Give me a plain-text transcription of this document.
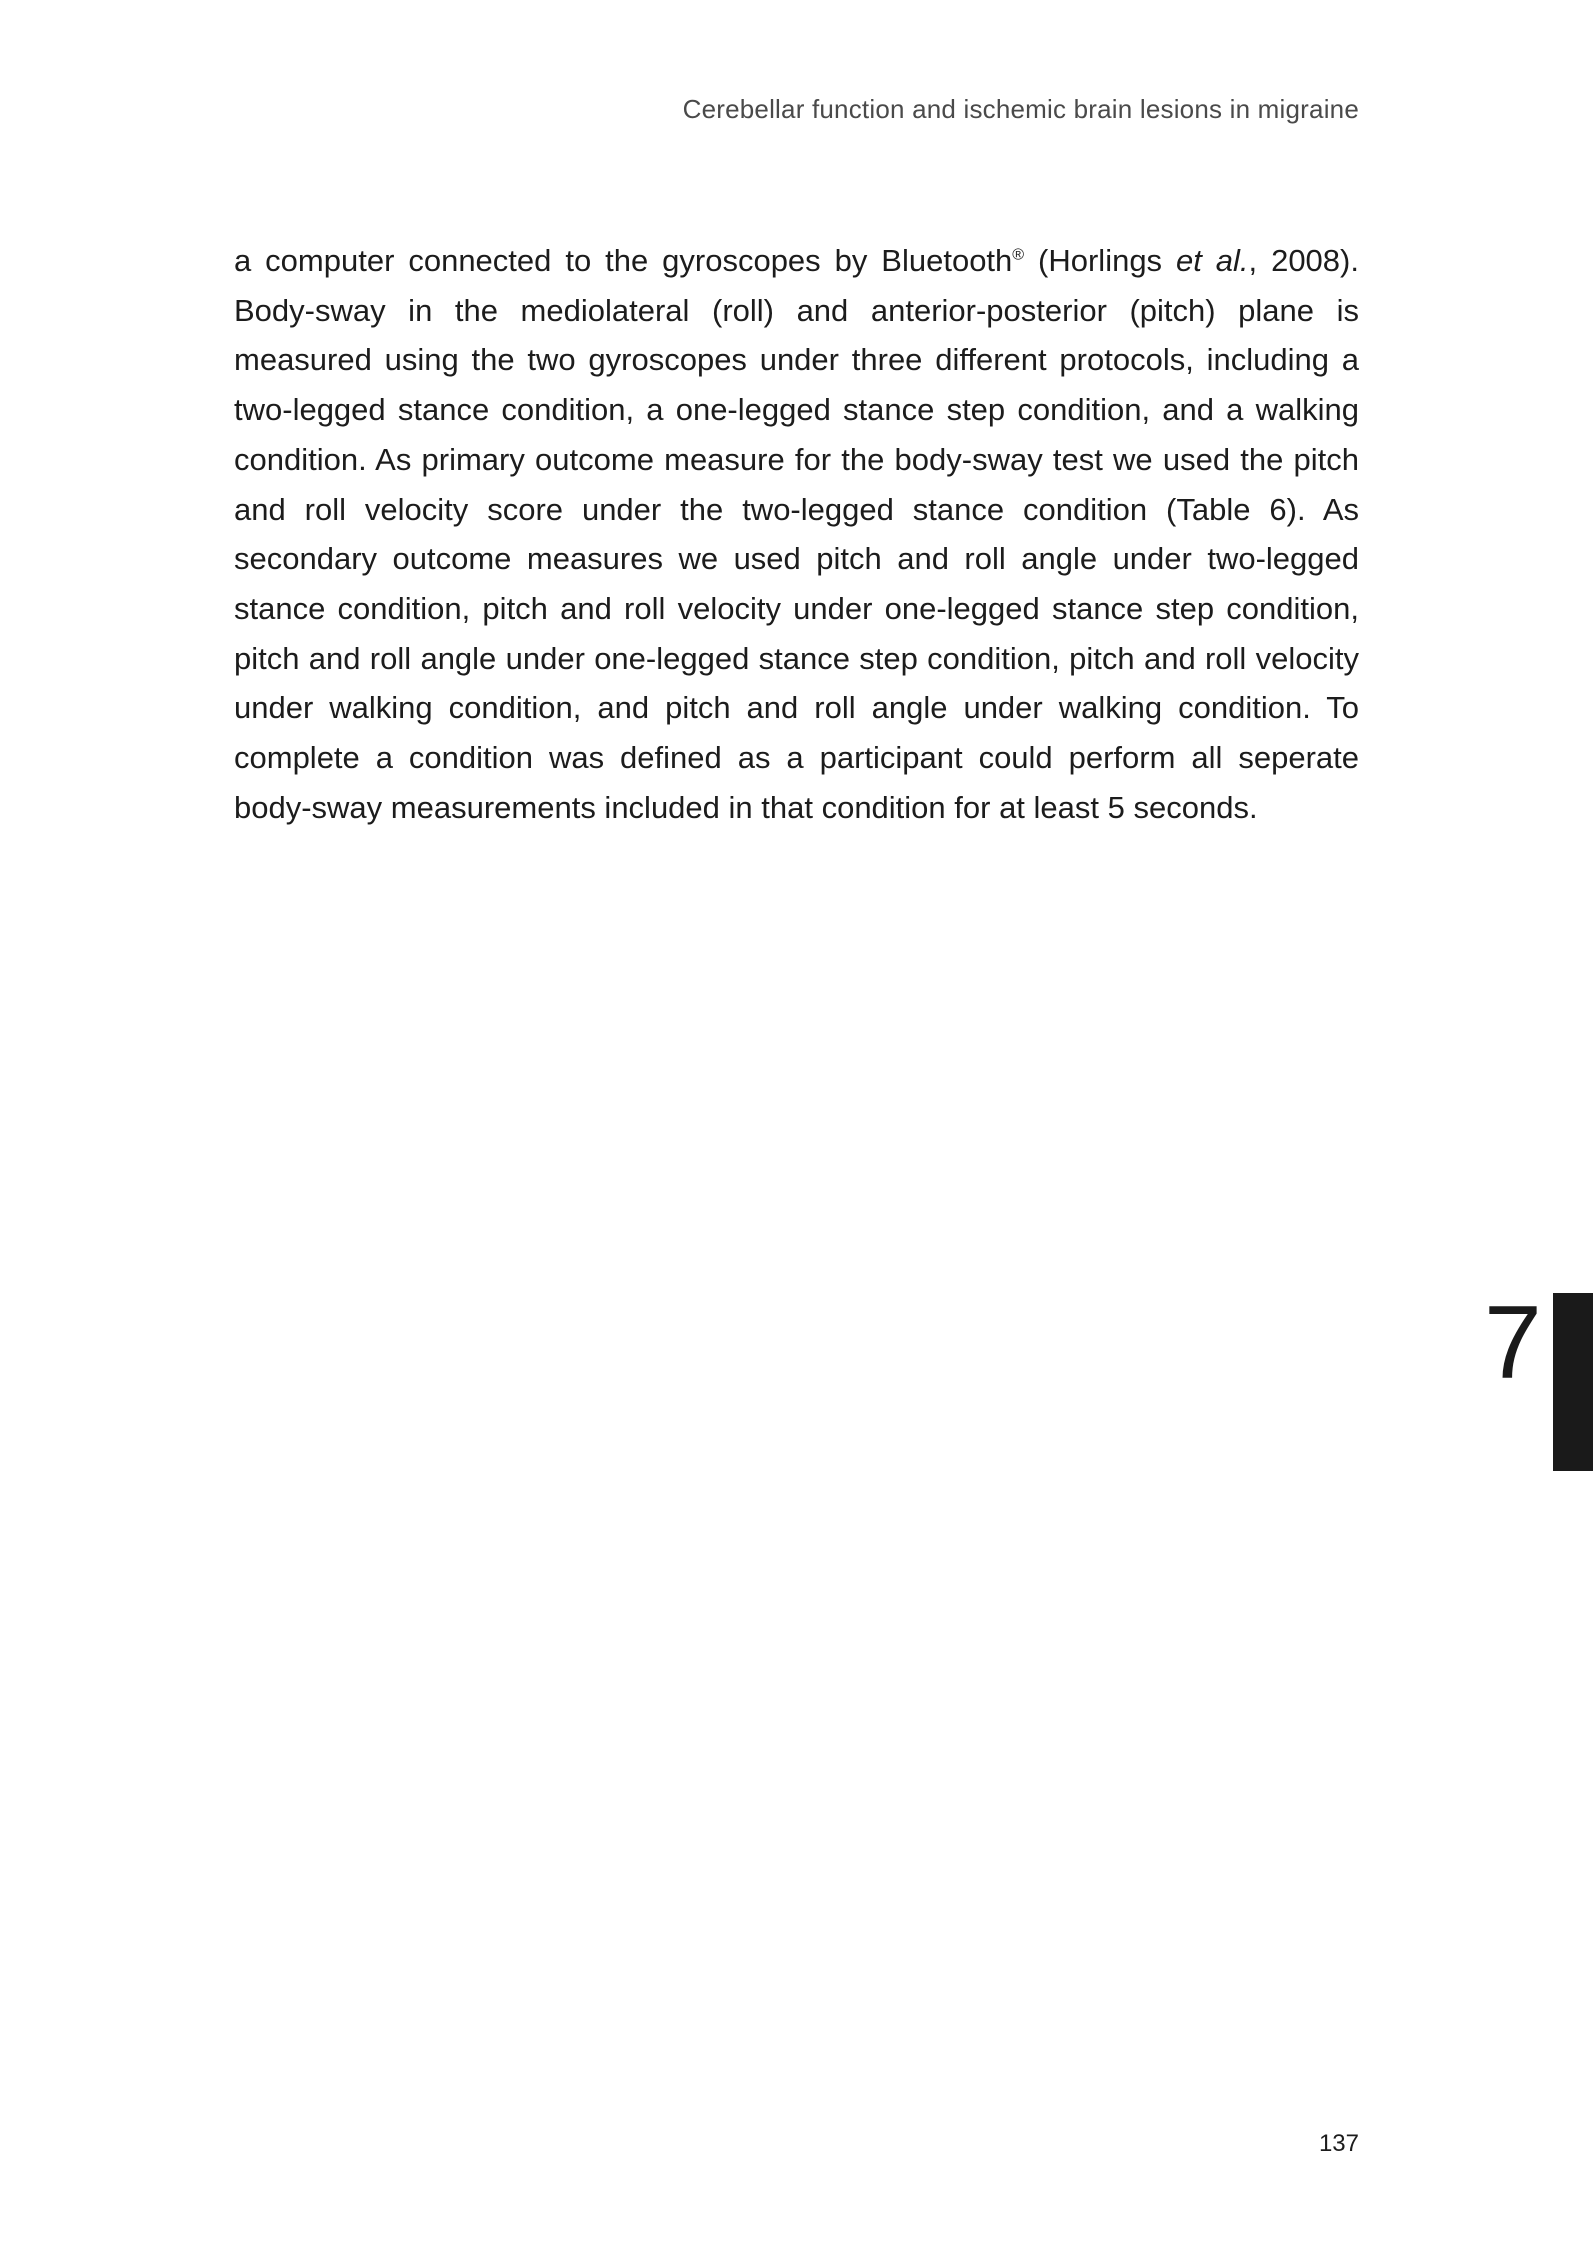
Cerebellar function and ischemic brain lesions in migraine

a computer connected to the gyroscopes by Bluetooth® (Horlings et al., 2008). Body-sway in the mediolateral (roll) and anterior-posterior (pitch) plane is measured using the two gyroscopes under three different protocols, including a two-legged stance condition, a one-legged stance step condition, and a walking condition. As primary outcome measure for the body-sway test we used the pitch and roll velocity score under the two-legged stance condition (Table 6). As secondary outcome measures we used pitch and roll angle under two-legged stance condition, pitch and roll velocity under one-legged stance step condition, pitch and roll angle under one-legged stance step condition, pitch and roll velocity under walking condition, and pitch and roll angle under walking condition. To complete a condition was defined as a participant could perform all seperate body-sway measurements included in that condition for at least 5 seconds.

7
137
